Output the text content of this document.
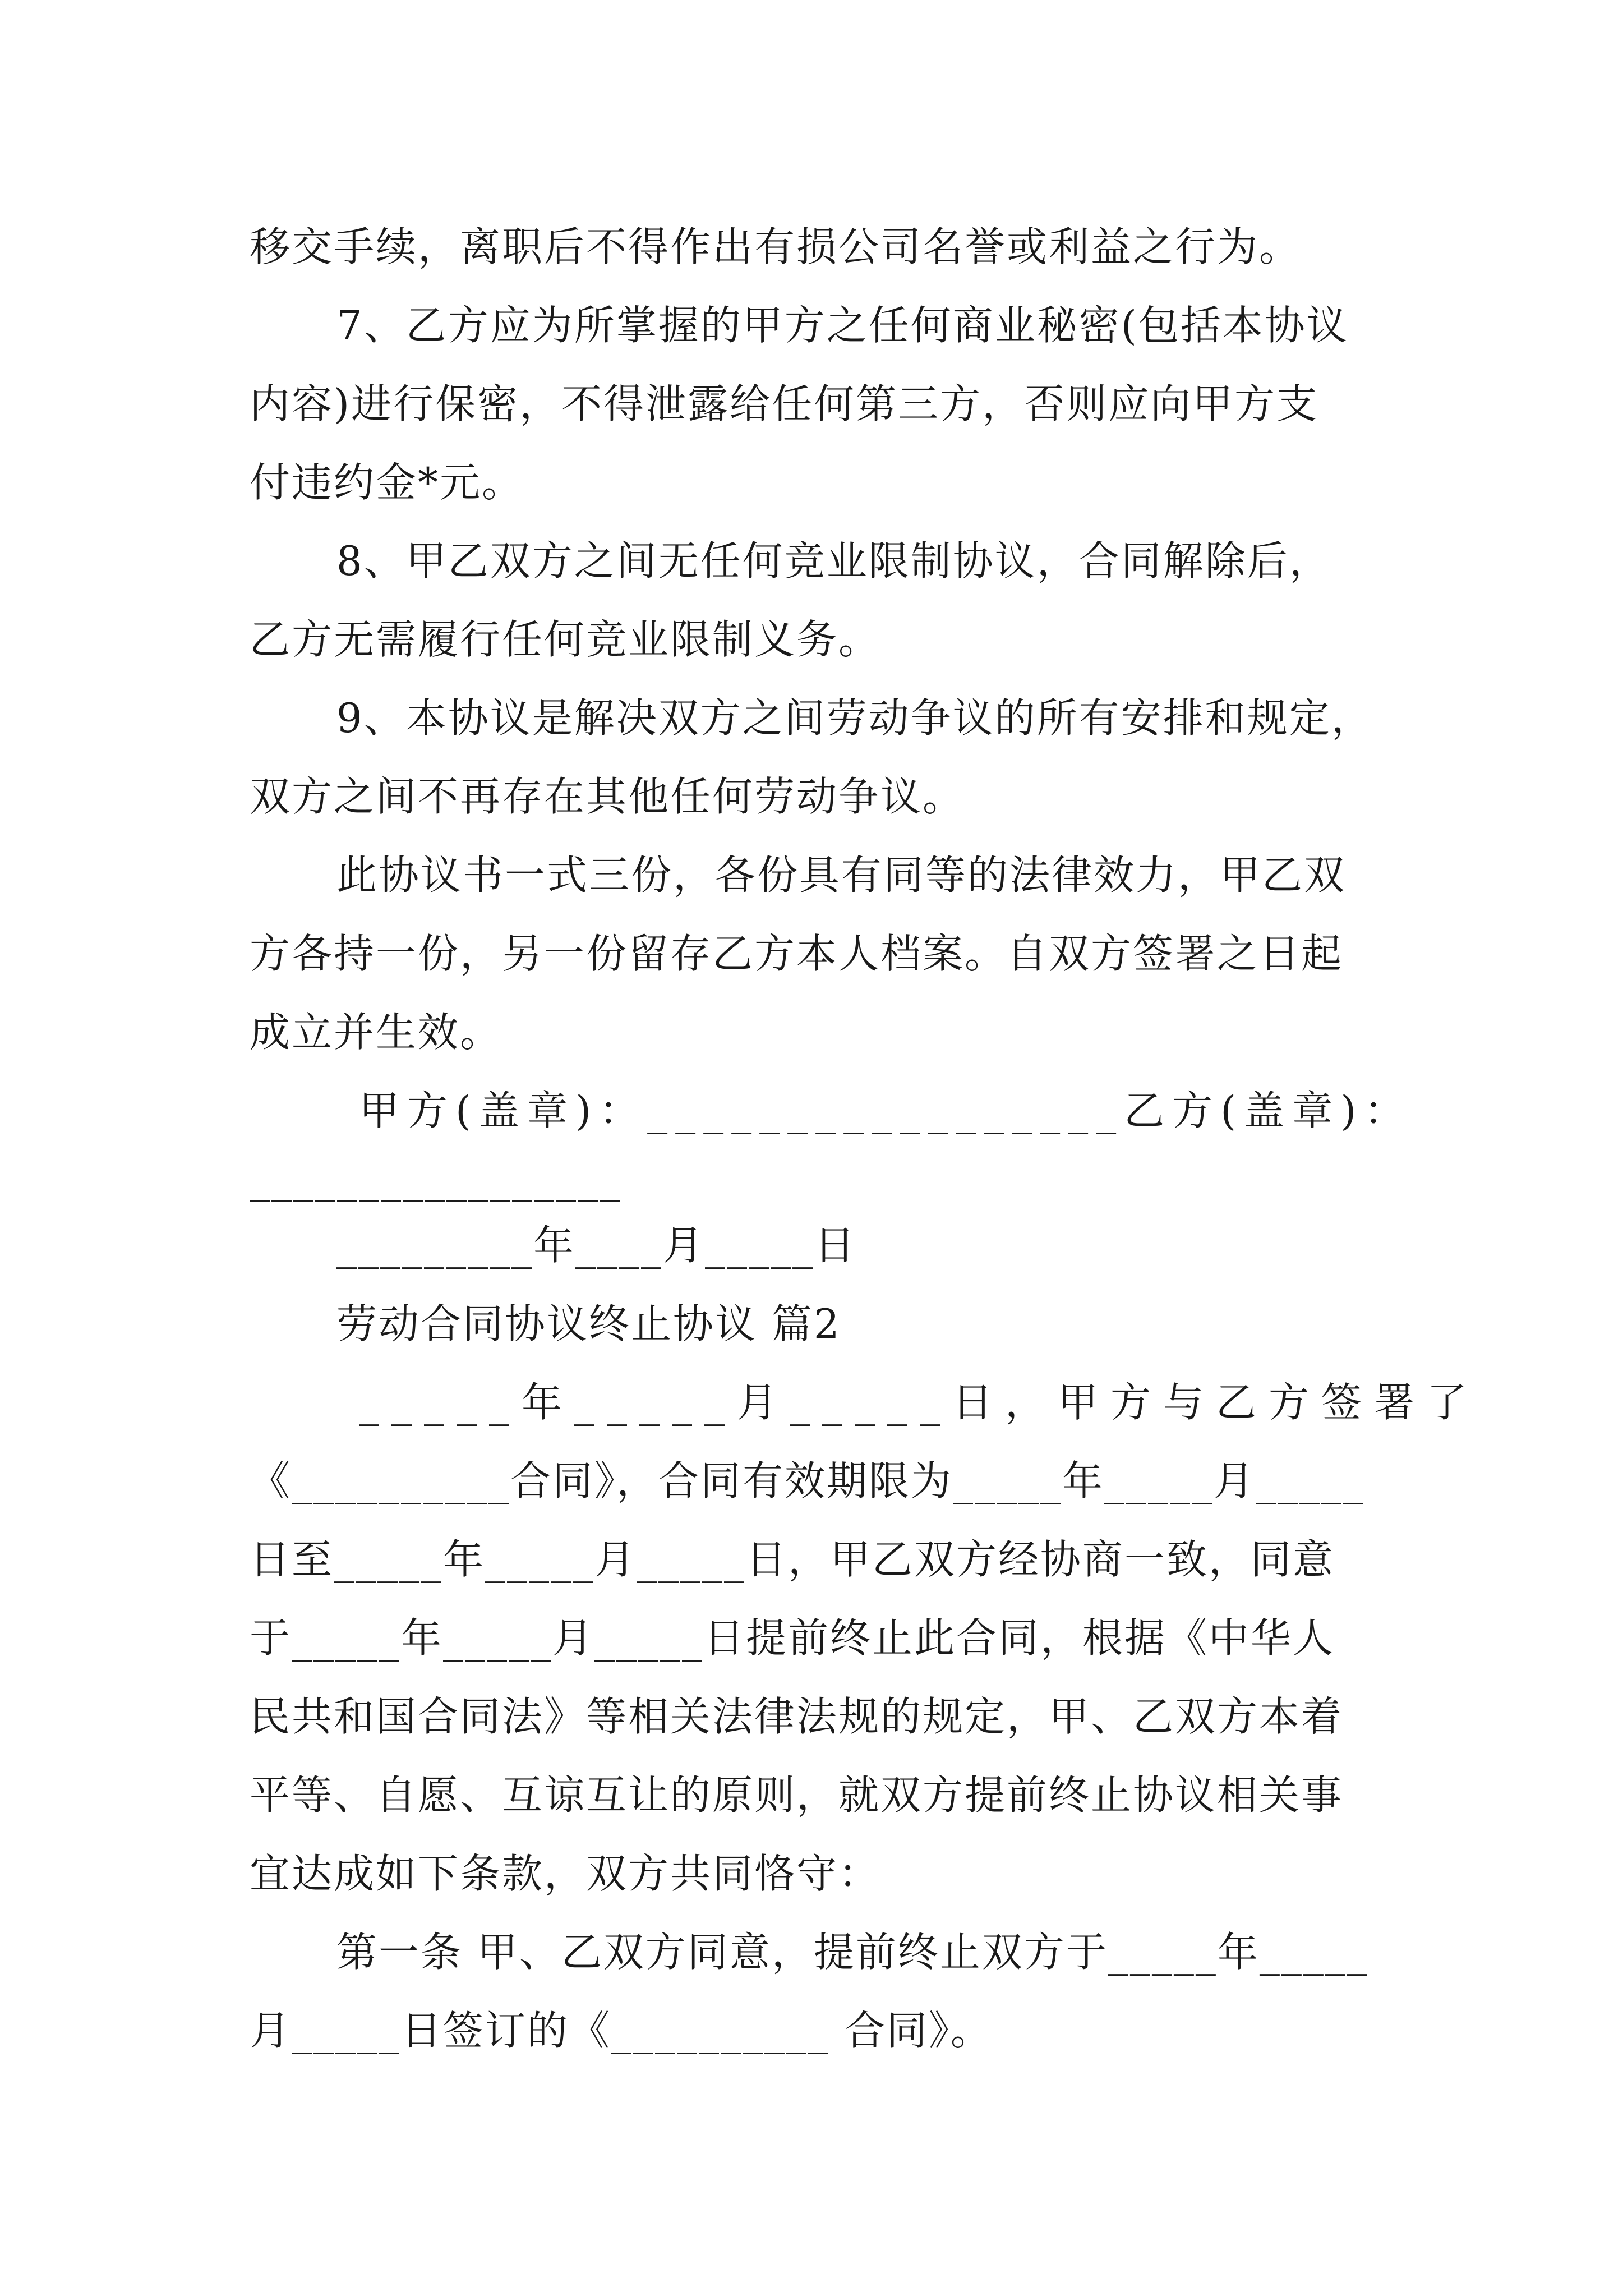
移交手续，离职后不得作出有损公司名誉或利益之行为。
7、乙方应为所掌握的甲方之任何商业秘密(包括本协议
内容)进行保密，不得泄露给任何第三方，否则应向甲方支
付违约金*元。
8、甲乙双方之间无任何竞业限制协议，合同解除后，
乙方无需履行任何竞业限制义务。
9、本协议是解决双方之间劳动争议的所有安排和规定，
双方之间不再存在其他任何劳动争议。
此协议书一式三份，各份具有同等的法律效力，甲乙双
方各持一份，另一份留存乙方本人档案。自双方签署之日起
成立并生效。
甲方(盖章)：_________________乙方(盖章)：
_________________
_________年____月_____日
劳动合同协议终止协议 篇2
_____年_____月_____日，甲方与乙方签署了
《__________合同》，合同有效期限为_____年_____月_____
日至_____年_____月_____日，甲乙双方经协商一致，同意
于_____年_____月_____日提前终止此合同，根据《中华人
民共和国合同法》等相关法律法规的规定，甲、乙双方本着
平等、自愿、互谅互让的原则，就双方提前终止协议相关事
宜达成如下条款，双方共同恪守：
第一条 甲、乙双方同意，提前终止双方于_____年_____
月_____日签订的《__________ 合同》。
